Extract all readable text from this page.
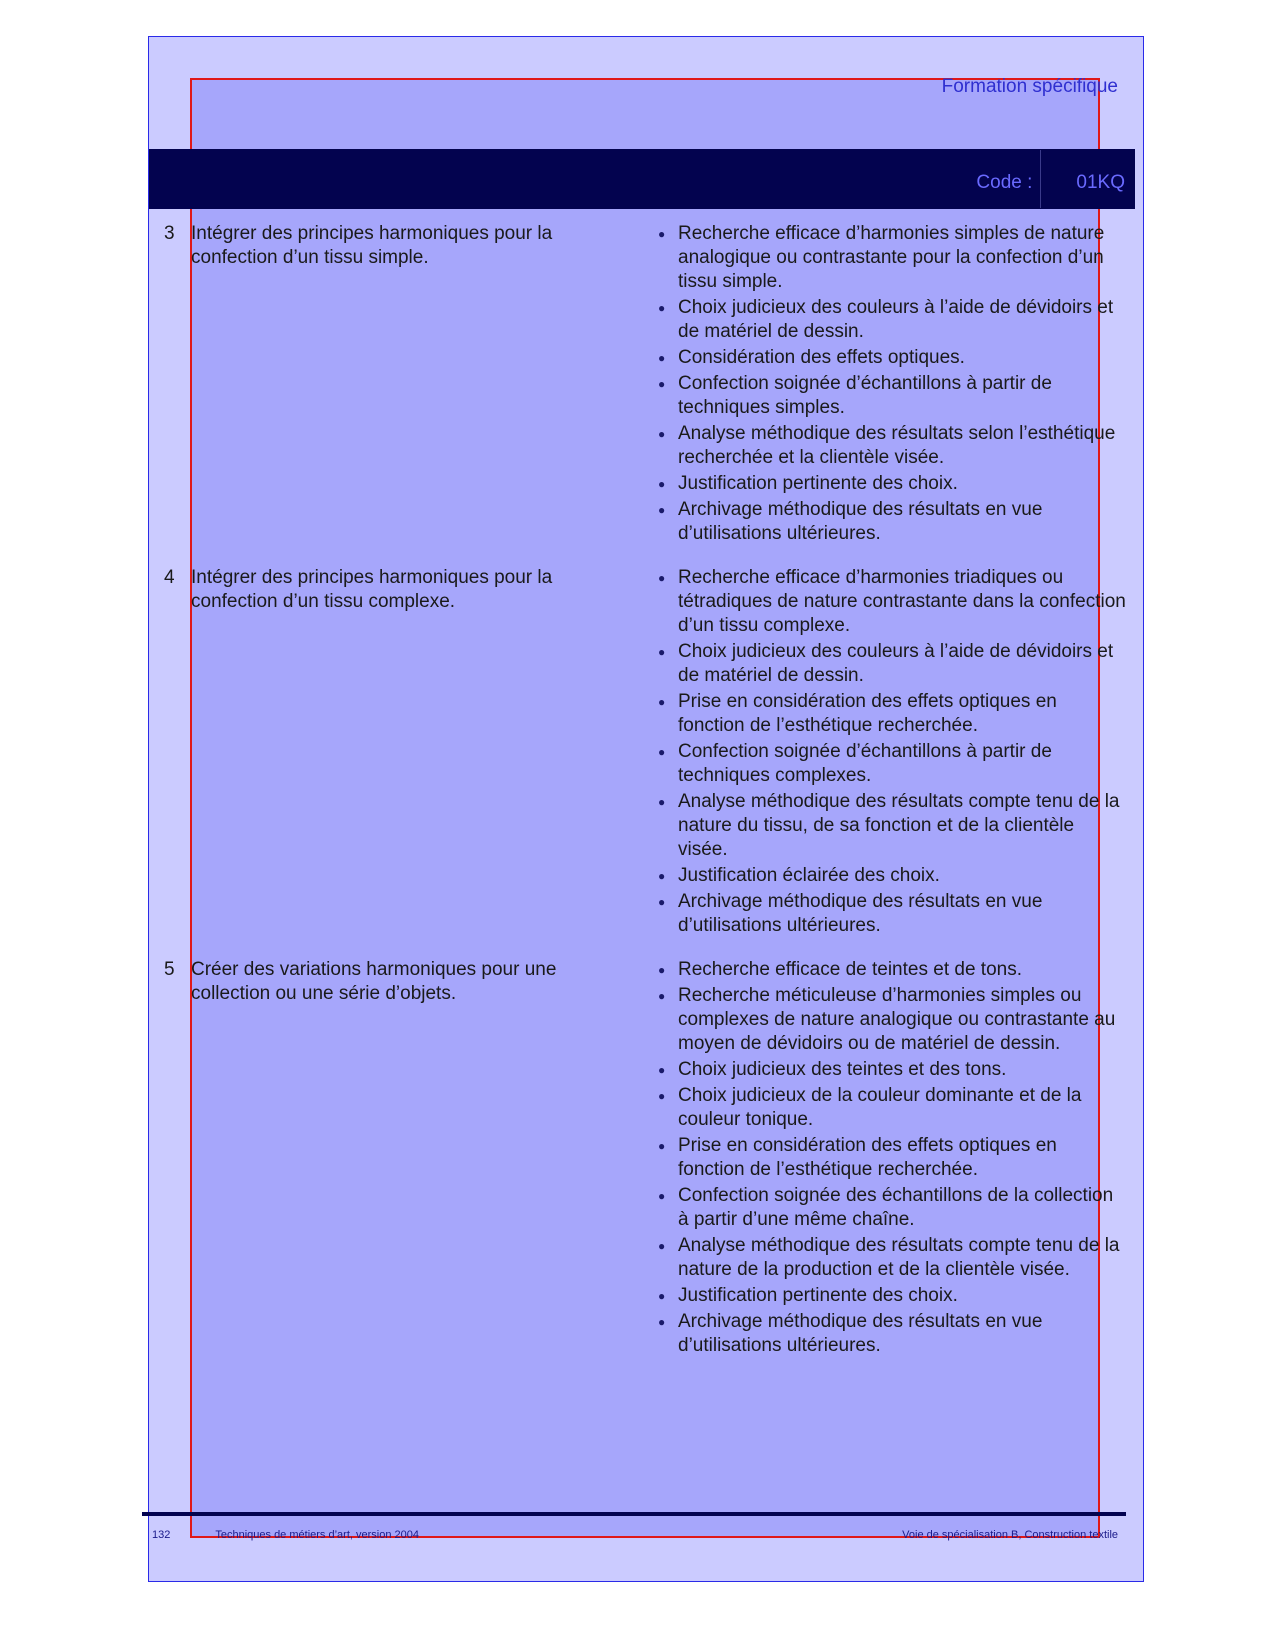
Formation spécifique
Code : 01KQ
3 Intégrer des principes harmoniques pour la confection d’un tissu simple.
● Recherche efficace d’harmonies simples de nature analogique ou contrastante pour la confection d’un tissu simple.
● Choix judicieux des couleurs à l’aide de dévidoirs et de matériel de dessin.
● Considération des effets optiques.
● Confection soignée d’échantillons à partir de techniques simples.
● Analyse méthodique des résultats selon l’esthétique recherchée et la clientèle visée.
● Justification pertinente des choix.
● Archivage méthodique des résultats en vue d’utilisations ultérieures.
4 Intégrer des principes harmoniques pour la confection d’un tissu complexe.
● Recherche efficace d’harmonies triadiques ou tétradiques de nature contrastante dans la confection d’un tissu complexe.
● Choix judicieux des couleurs à l’aide de dévidoirs et de matériel de dessin.
● Prise en considération des effets optiques en fonction de l’esthétique recherchée.
● Confection soignée d’échantillons à partir de techniques complexes.
● Analyse méthodique des résultats compte tenu de la nature du tissu, de sa fonction et de la clientèle visée.
● Justification éclairée des choix.
● Archivage méthodique des résultats en vue d’utilisations ultérieures.
5 Créer des variations harmoniques pour une collection ou une série d’objets.
● Recherche efficace de teintes et de tons.
● Recherche méticuleuse d’harmonies simples ou complexes de nature analogique ou contrastante au moyen de dévidoirs ou de matériel de dessin.
● Choix judicieux des teintes et des tons.
● Choix judicieux de la couleur dominante et de la couleur tonique.
● Prise en considération des effets optiques en fonction de l’esthétique recherchée.
● Confection soignée des échantillons de la collection à partir d’une même chaîne.
● Analyse méthodique des résultats compte tenu de la nature de la production et de la clientèle visée.
● Justification pertinente des choix.
● Archivage méthodique des résultats en vue d’utilisations ultérieures.
132	Techniques de métiers d’art, version 2004	Voie de spécialisation B, Construction textile
